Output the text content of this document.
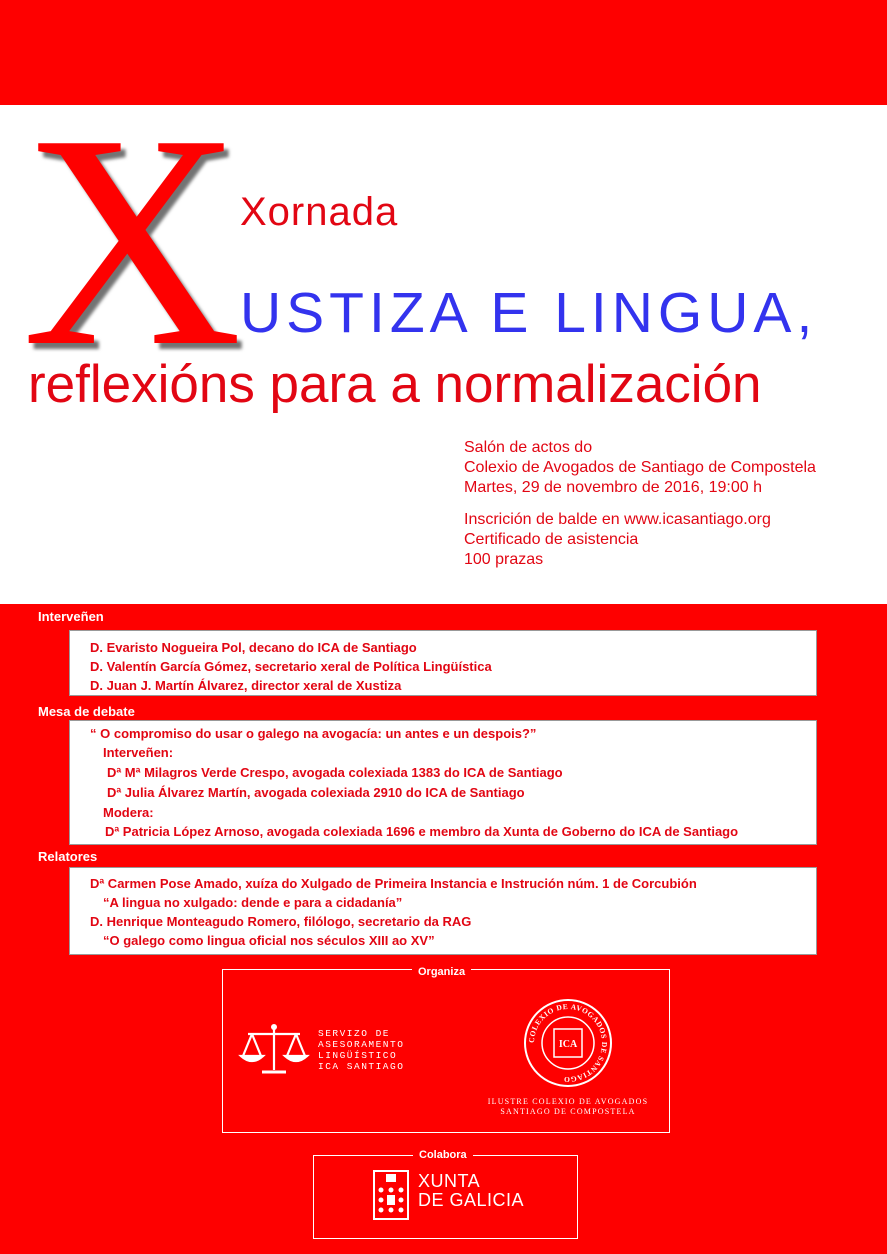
X
Xornada
USTIZA E LINGUA,
reflexións para a normalización
Salón de actos do
Colexio de Avogados de Santiago de Compostela
Martes, 29 de novembro de 2016, 19:00 h
Inscrición de balde en www.icasantiago.org
Certificado de asistencia
100 prazas
Interveñen
D. Evaristo Nogueira Pol, decano do ICA de Santiago
D. Valentín García Gómez, secretario xeral de Política Lingüística
D. Juan J. Martín Álvarez, director xeral de Xustiza
Mesa de debate
“ O compromiso do usar o galego na avogacía: un antes e un despois?”
Interveñen:
Dª Mª Milagros Verde Crespo, avogada colexiada 1383 do ICA de Santiago
Dª Julia Álvarez Martín, avogada colexiada 2910 do ICA de Santiago
Modera:
Dª Patricia López Arnoso, avogada colexiada 1696 e membro da Xunta de Goberno do ICA de Santiago
Relatores
Dª Carmen Pose Amado, xuíza do Xulgado de Primeira Instancia e Instrución núm. 1 de Corcubión
“A lingua no xulgado: dende e para a cidadanía”
D. Henrique Monteagudo Romero, filólogo, secretario da RAG
“O galego como lingua oficial nos séculos XIII ao XV”
Organiza
SERVIZO DE
ASESORAMENTO
LINGÜÍSTICO
ICA SANTIAGO
COLEXIO DE AVOGADOS DE SANTIAGO
ICA
ILUSTRE COLEXIO DE AVOGADOS
SANTIAGO DE COMPOSTELA
Colabora
XUNTA
DE GALICIA
